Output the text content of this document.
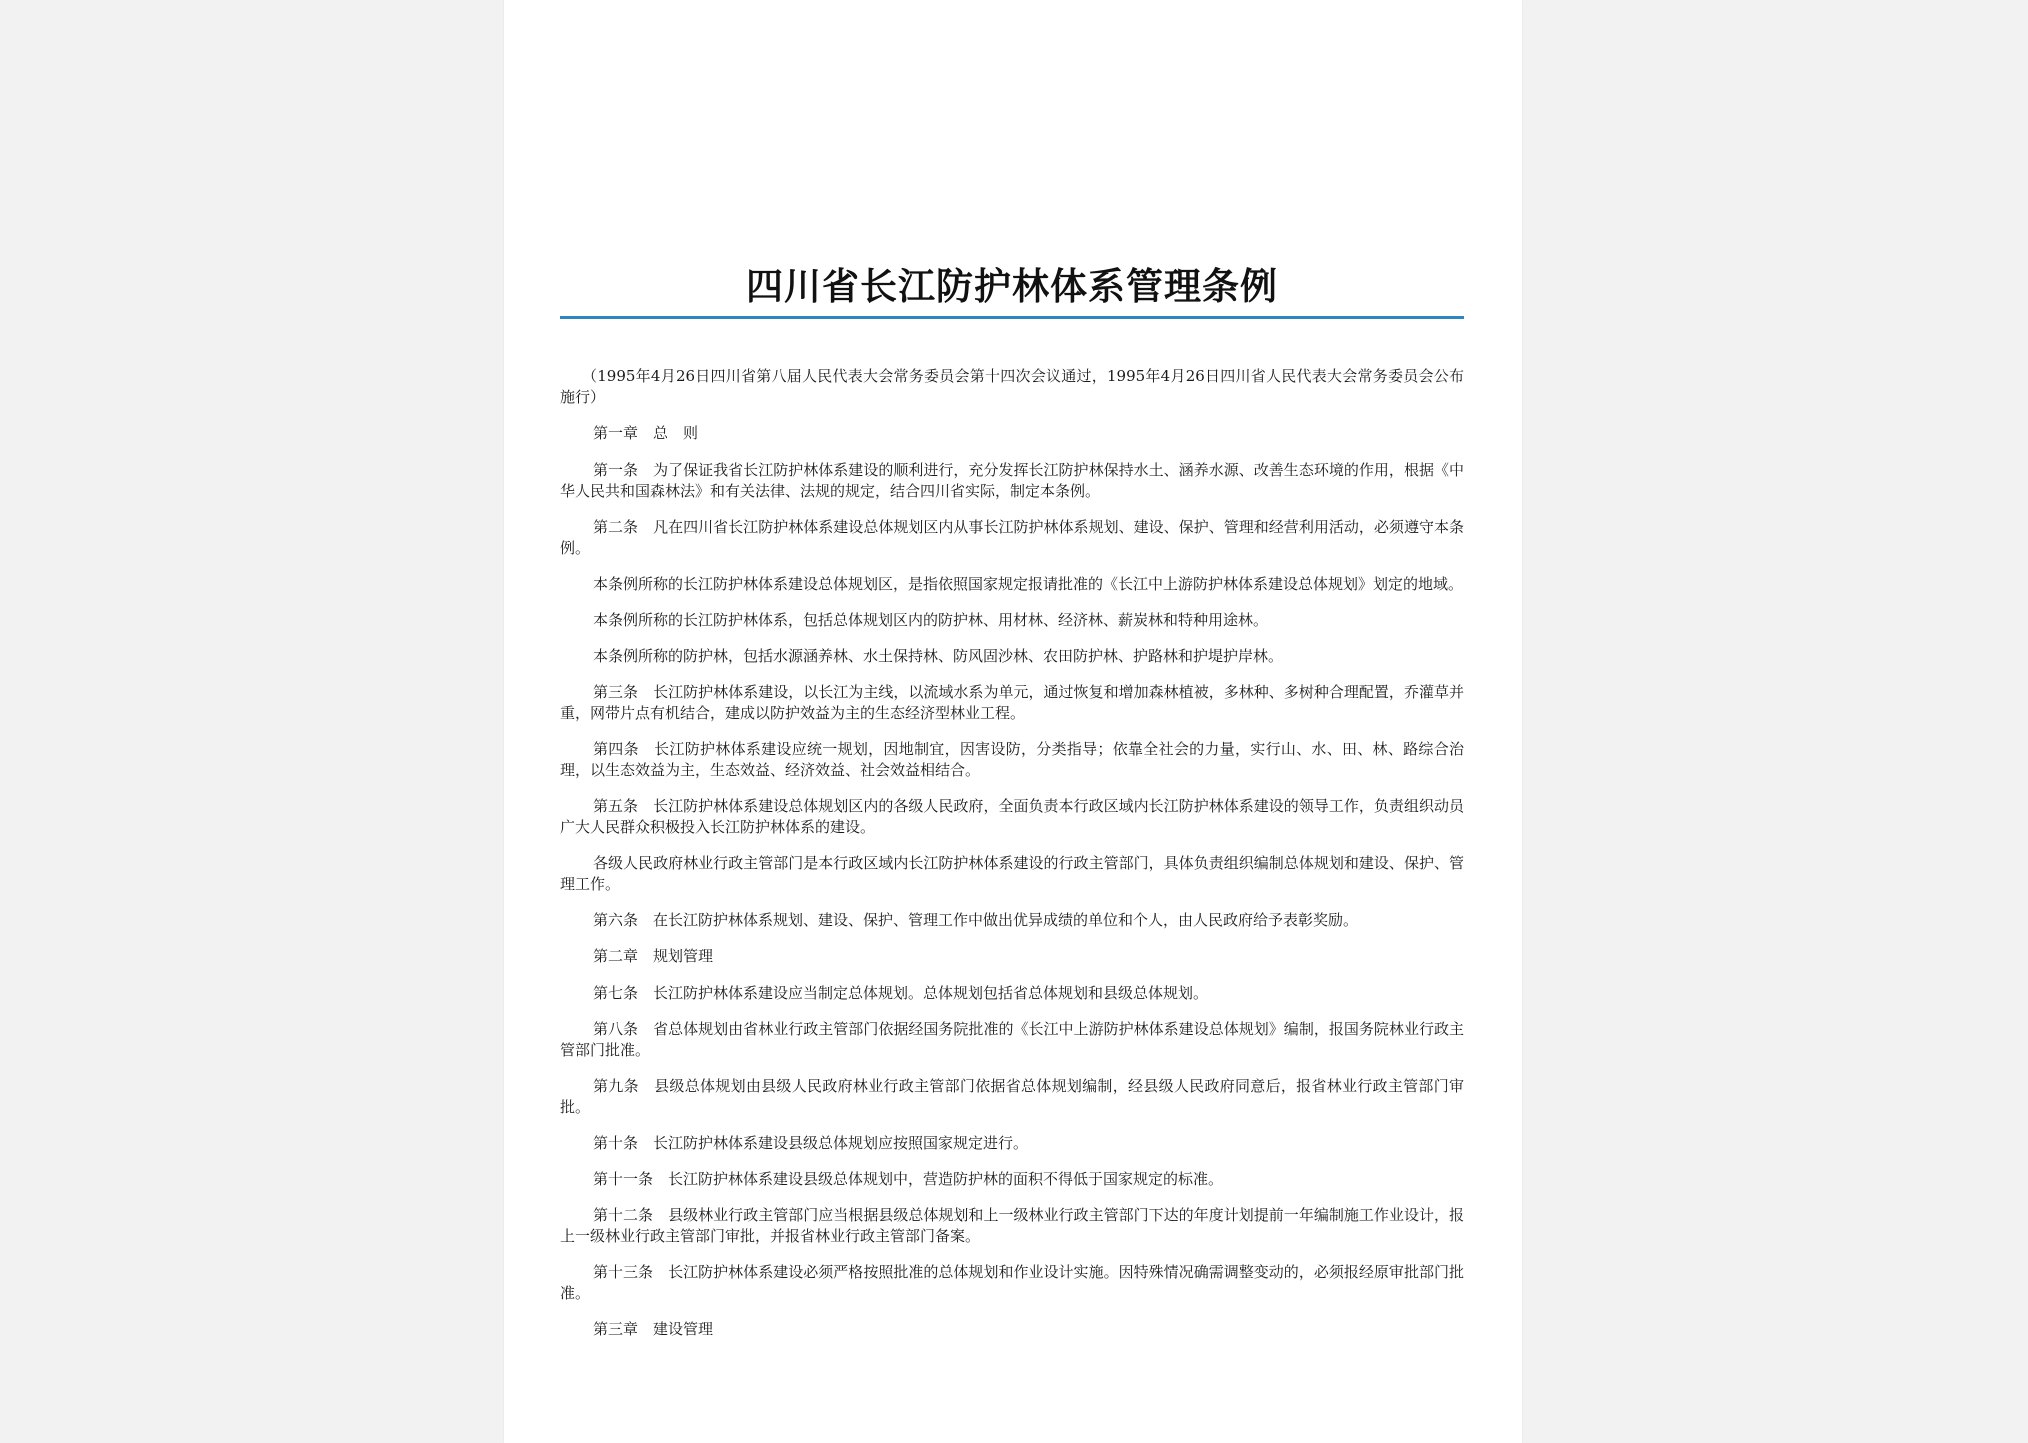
四川省长江防护林体系管理条例

（1995年4月26日四川省第八届人民代表大会常务委员会第十四次会议通过，1995年4月26日四川省人民代表大会常务委员会公布施行）

第一章　总　则

第一条　为了保证我省长江防护林体系建设的顺利进行，充分发挥长江防护林保持水土、涵养水源、改善生态环境的作用，根据《中华人民共和国森林法》和有关法律、法规的规定，结合四川省实际，制定本条例。

第二条　凡在四川省长江防护林体系建设总体规划区内从事长江防护林体系规划、建设、保护、管理和经营利用活动，必须遵守本条例。

本条例所称的长江防护林体系建设总体规划区，是指依照国家规定报请批准的《长江中上游防护林体系建设总体规划》划定的地域。

本条例所称的长江防护林体系，包括总体规划区内的防护林、用材林、经济林、薪炭林和特种用途林。

本条例所称的防护林，包括水源涵养林、水土保持林、防风固沙林、农田防护林、护路林和护堤护岸林。

第三条　长江防护林体系建设，以长江为主线，以流域水系为单元，通过恢复和增加森林植被，多林种、多树种合理配置，乔灌草并重，网带片点有机结合，建成以防护效益为主的生态经济型林业工程。

第四条　长江防护林体系建设应统一规划，因地制宜，因害设防，分类指导；依靠全社会的力量，实行山、水、田、林、路综合治理，以生态效益为主，生态效益、经济效益、社会效益相结合。

第五条　长江防护林体系建设总体规划区内的各级人民政府，全面负责本行政区域内长江防护林体系建设的领导工作，负责组织动员广大人民群众积极投入长江防护林体系的建设。

各级人民政府林业行政主管部门是本行政区域内长江防护林体系建设的行政主管部门，具体负责组织编制总体规划和建设、保护、管理工作。

第六条　在长江防护林体系规划、建设、保护、管理工作中做出优异成绩的单位和个人，由人民政府给予表彰奖励。

第二章　规划管理

第七条　长江防护林体系建设应当制定总体规划。总体规划包括省总体规划和县级总体规划。

第八条　省总体规划由省林业行政主管部门依据经国务院批准的《长江中上游防护林体系建设总体规划》编制，报国务院林业行政主管部门批准。

第九条　县级总体规划由县级人民政府林业行政主管部门依据省总体规划编制，经县级人民政府同意后，报省林业行政主管部门审批。

第十条　长江防护林体系建设县级总体规划应按照国家规定进行。

第十一条　长江防护林体系建设县级总体规划中，营造防护林的面积不得低于国家规定的标准。

第十二条　县级林业行政主管部门应当根据县级总体规划和上一级林业行政主管部门下达的年度计划提前一年编制施工作业设计，报上一级林业行政主管部门审批，并报省林业行政主管部门备案。

第十三条　长江防护林体系建设必须严格按照批准的总体规划和作业设计实施。因特殊情况确需调整变动的，必须报经原审批部门批准。

第三章　建设管理
